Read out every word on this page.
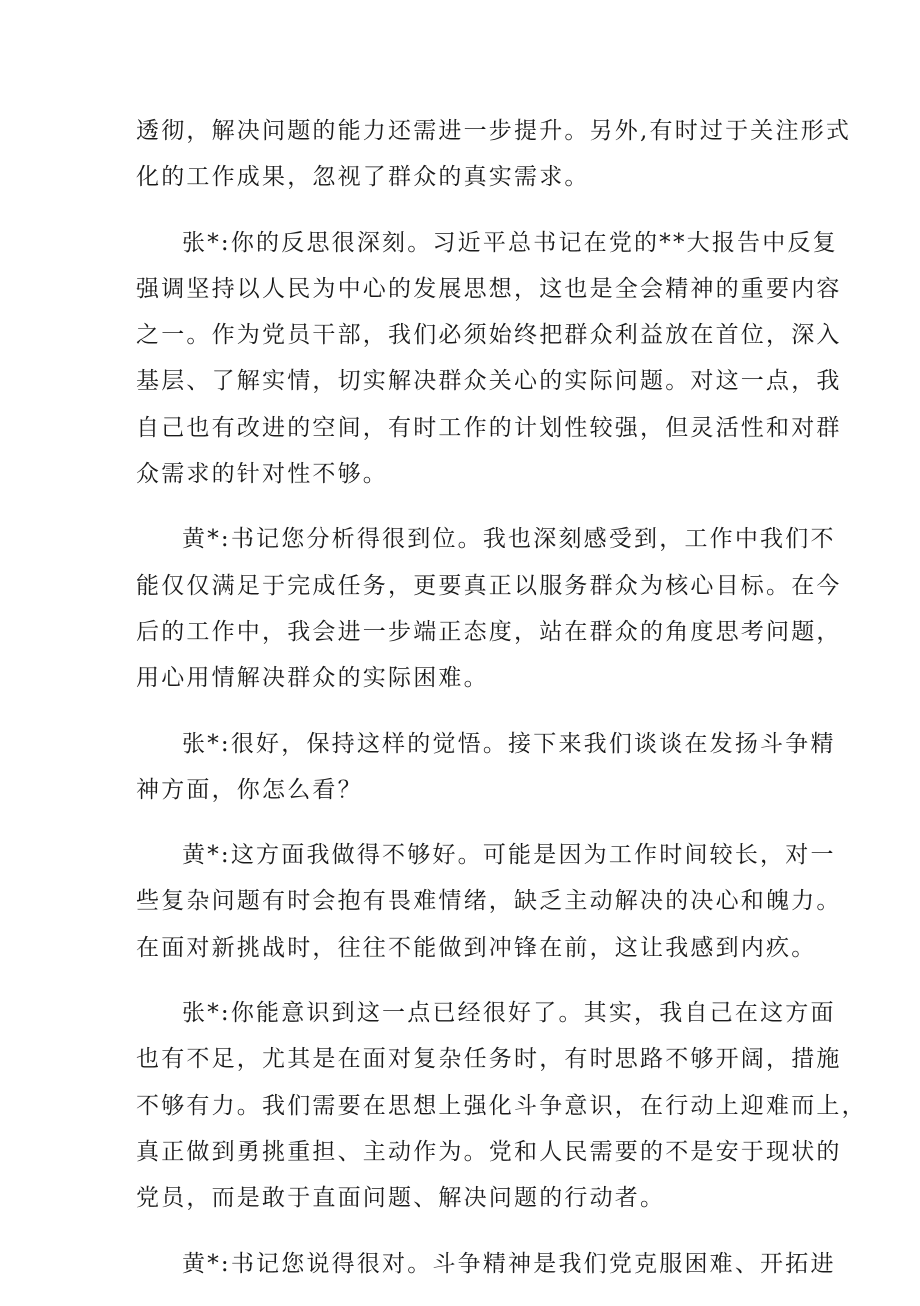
透彻，解决问题的能力还需进一步提升。另外,有时过于关注形式
化的工作成果，忽视了群众的真实需求。
张*:你的反思很深刻。习近平总书记在党的**大报告中反复
强调坚持以人民为中心的发展思想，这也是全会精神的重要内容
之一。作为党员干部，我们必须始终把群众利益放在首位，深入
基层、了解实情，切实解决群众关心的实际问题。对这一点，我
自己也有改进的空间，有时工作的计划性较强，但灵活性和对群
众需求的针对性不够。
黄*:书记您分析得很到位。我也深刻感受到，工作中我们不
能仅仅满足于完成任务，更要真正以服务群众为核心目标。在今
后的工作中，我会进一步端正态度，站在群众的角度思考问题，
用心用情解决群众的实际困难。
张*:很好，保持这样的觉悟。接下来我们谈谈在发扬斗争精
神方面，你怎么看？
黄*:这方面我做得不够好。可能是因为工作时间较长，对一
些复杂问题有时会抱有畏难情绪，缺乏主动解决的决心和魄力。
在面对新挑战时，往往不能做到冲锋在前，这让我感到内疚。
张*:你能意识到这一点已经很好了。其实，我自己在这方面
也有不足，尤其是在面对复杂任务时，有时思路不够开阔，措施
不够有力。我们需要在思想上强化斗争意识，在行动上迎难而上，
真正做到勇挑重担、主动作为。党和人民需要的不是安于现状的
党员，而是敢于直面问题、解决问题的行动者。
黄*:书记您说得很对。斗争精神是我们党克服困难、开拓进
